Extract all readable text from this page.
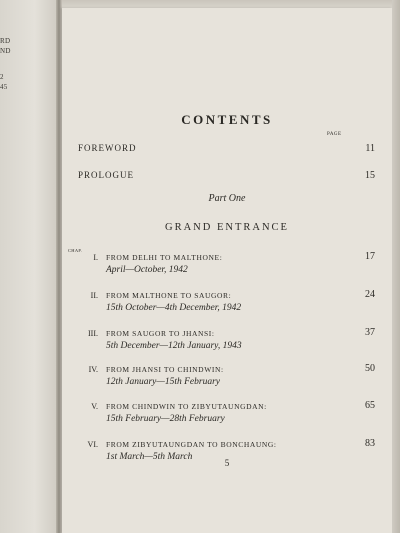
RD
ND
2
45
CONTENTS
PAGE
FOREWORD	11
PROLOGUE	15
Part One
GRAND ENTRANCE
CHAP.
I. FROM DELHI TO MALTHONE:
April—October, 1942
17
II. FROM MALTHONE TO SAUGOR:
15th October—4th December, 1942
24
III. FROM SAUGOR TO JHANSI:
5th December—12th January, 1943
37
IV. FROM JHANSI TO CHINDWIN:
12th January—15th February
50
V. FROM CHINDWIN TO ZIBYUTAUNGDAN:
15th February—28th February
65
VI. FROM ZIBYUTAUNGDAN TO BONCHAUNG:
1st March—5th March
83
5
